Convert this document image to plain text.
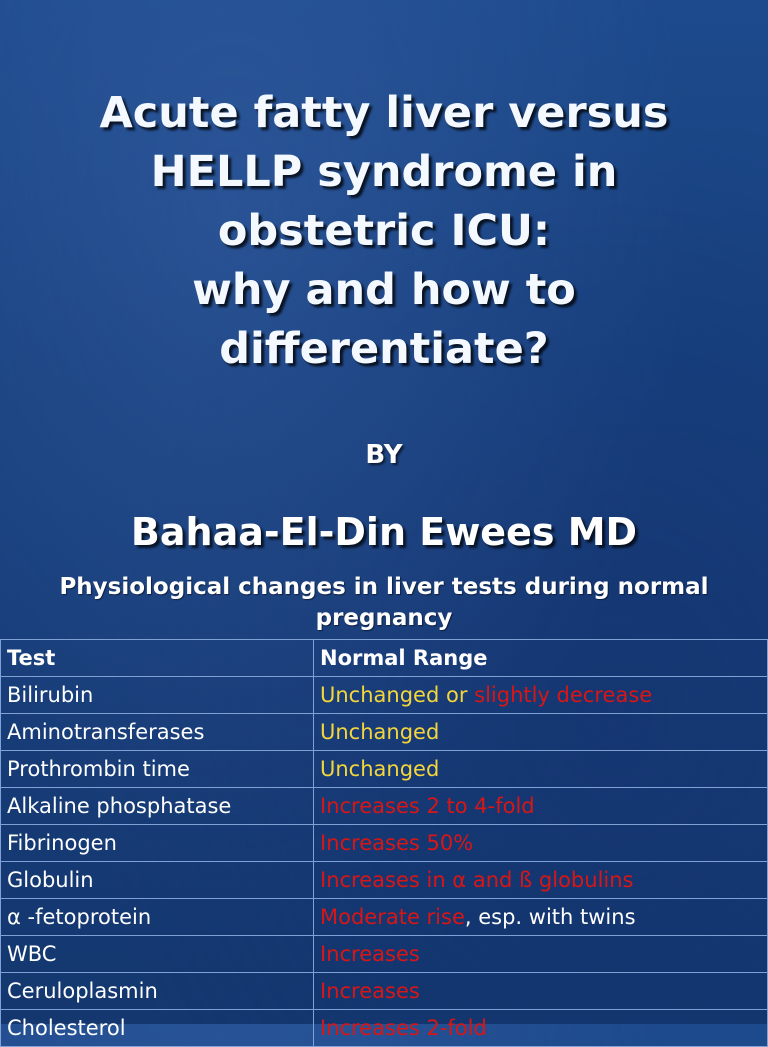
Acute fatty liver versus
HELLP syndrome in
obstetric ICU:
why and how to
differentiate?
BY
Bahaa-El-Din Ewees MD
Physiological changes in liver tests during normal
pregnancy
Test	Normal Range
Bilirubin	Unchanged or slightly decrease
Aminotransferases	Unchanged
Prothrombin time	Unchanged
Alkaline phosphatase	Increases 2 to 4-fold
Fibrinogen	Increases 50%
Globulin	Increases in α and ß globulins
α -fetoprotein	Moderate rise, esp. with twins
WBC	Increases
Ceruloplasmin	Increases
Cholesterol	Increases 2-fold
